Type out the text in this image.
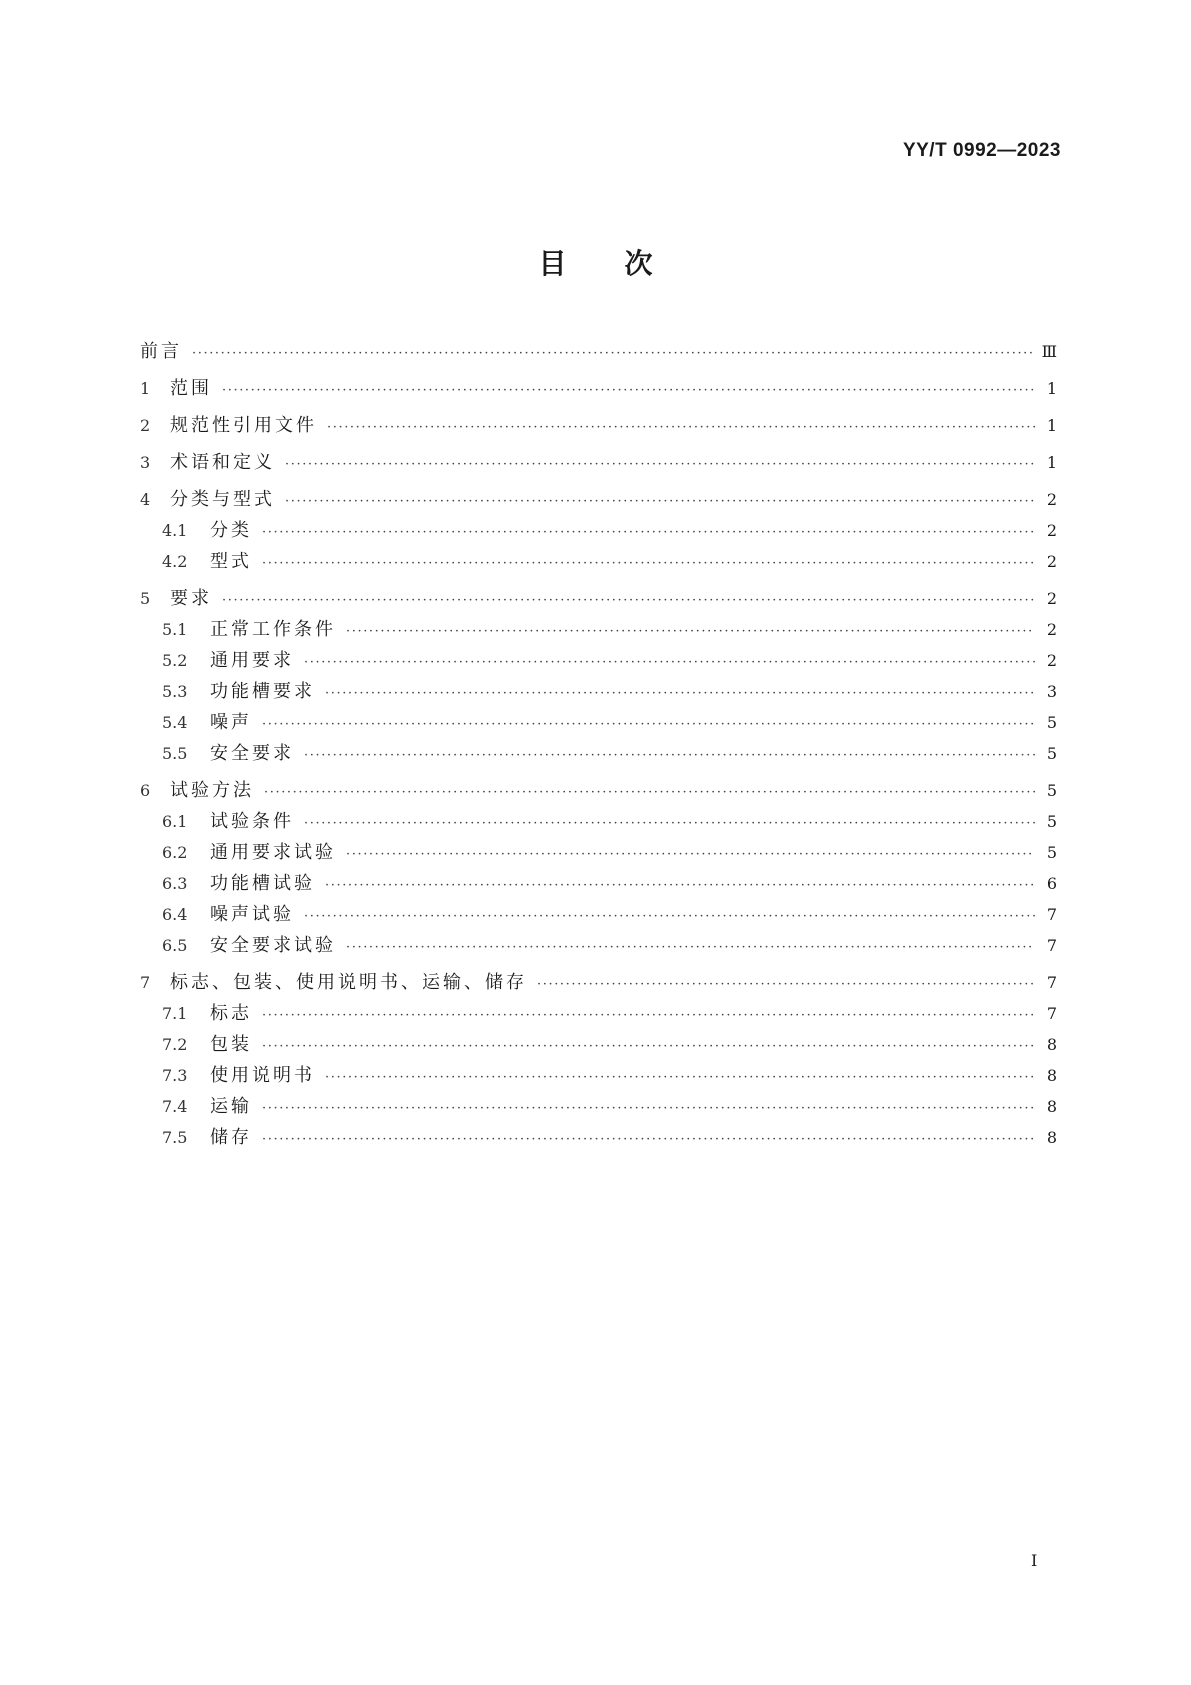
YY/T 0992—2023
目 次
前言 ·····	Ⅲ
1	范围 ·····	1
2	规范性引用文件 ·····	1
3	术语和定义 ·····	1
4	分类与型式 ·····	2
4.1	分类 ·····	2
4.2	型式 ·····	2
5	要求 ·····	2
5.1	正常工作条件 ·····	2
5.2	通用要求 ·····	2
5.3	功能槽要求 ·····	3
5.4	噪声 ·····	5
5.5	安全要求 ·····	5
6	试验方法 ·····	5
6.1	试验条件 ·····	5
6.2	通用要求试验 ·····	5
6.3	功能槽试验 ·····	6
6.4	噪声试验 ·····	7
6.5	安全要求试验 ·····	7
7	标志、包装、使用说明书、运输、储存 ·····	7
7.1	标志 ·····	7
7.2	包装 ·····	8
7.3	使用说明书 ·····	8
7.4	运输 ·····	8
7.5	储存 ·····	8
I
